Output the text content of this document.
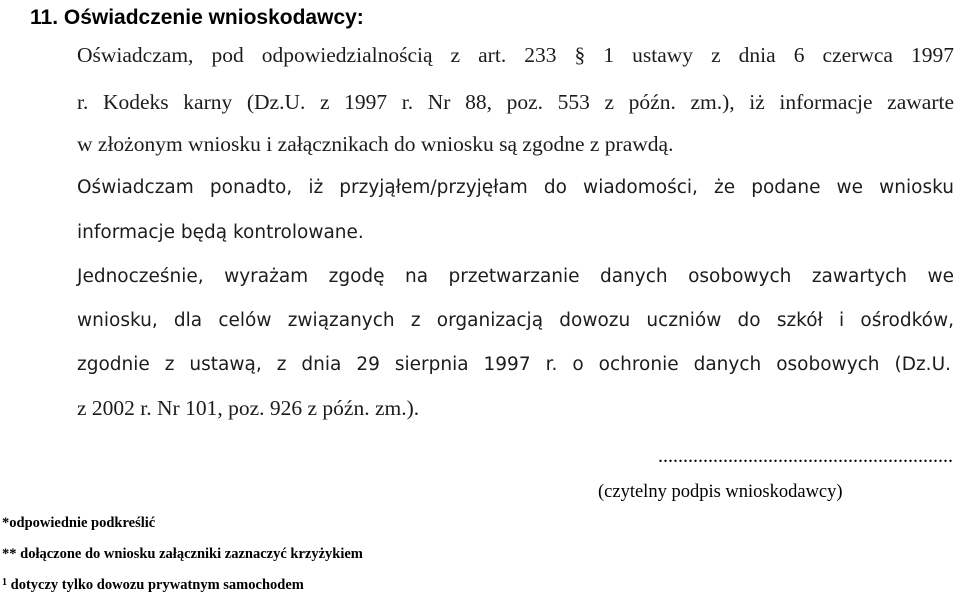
11. Oświadczenie wnioskodawcy:

Oświadczam, pod odpowiedzialnością z art. 233 § 1 ustawy z dnia 6 czerwca 1997

r. Kodeks karny (Dz.U. z 1997 r. Nr 88, poz. 553 z późn. zm.), iż informacje zawarte

w złożonym wniosku i załącznikach do wniosku są zgodne z prawdą.

Oświadczam ponadto, iż przyjąłem/przyjęłam do wiadomości, że podane we wniosku

informacje będą kontrolowane.

Jednocześnie, wyrażam zgodę na przetwarzanie danych osobowych zawartych we

wniosku, dla celów związanych z organizacją dowozu uczniów do szkół i ośrodków,

zgodnie z ustawą, z dnia 29 sierpnia 1997 r. o ochronie danych osobowych (Dz.U.

z 2002 r. Nr 101, poz. 926 z późn. zm.).

...........................................................

(czytelny podpis wnioskodawcy)

*odpowiednie podkreślić

** dołączone do wniosku załączniki zaznaczyć krzyżykiem

$^1$ dotyczy tylko dowozu prywatnym samochodem
